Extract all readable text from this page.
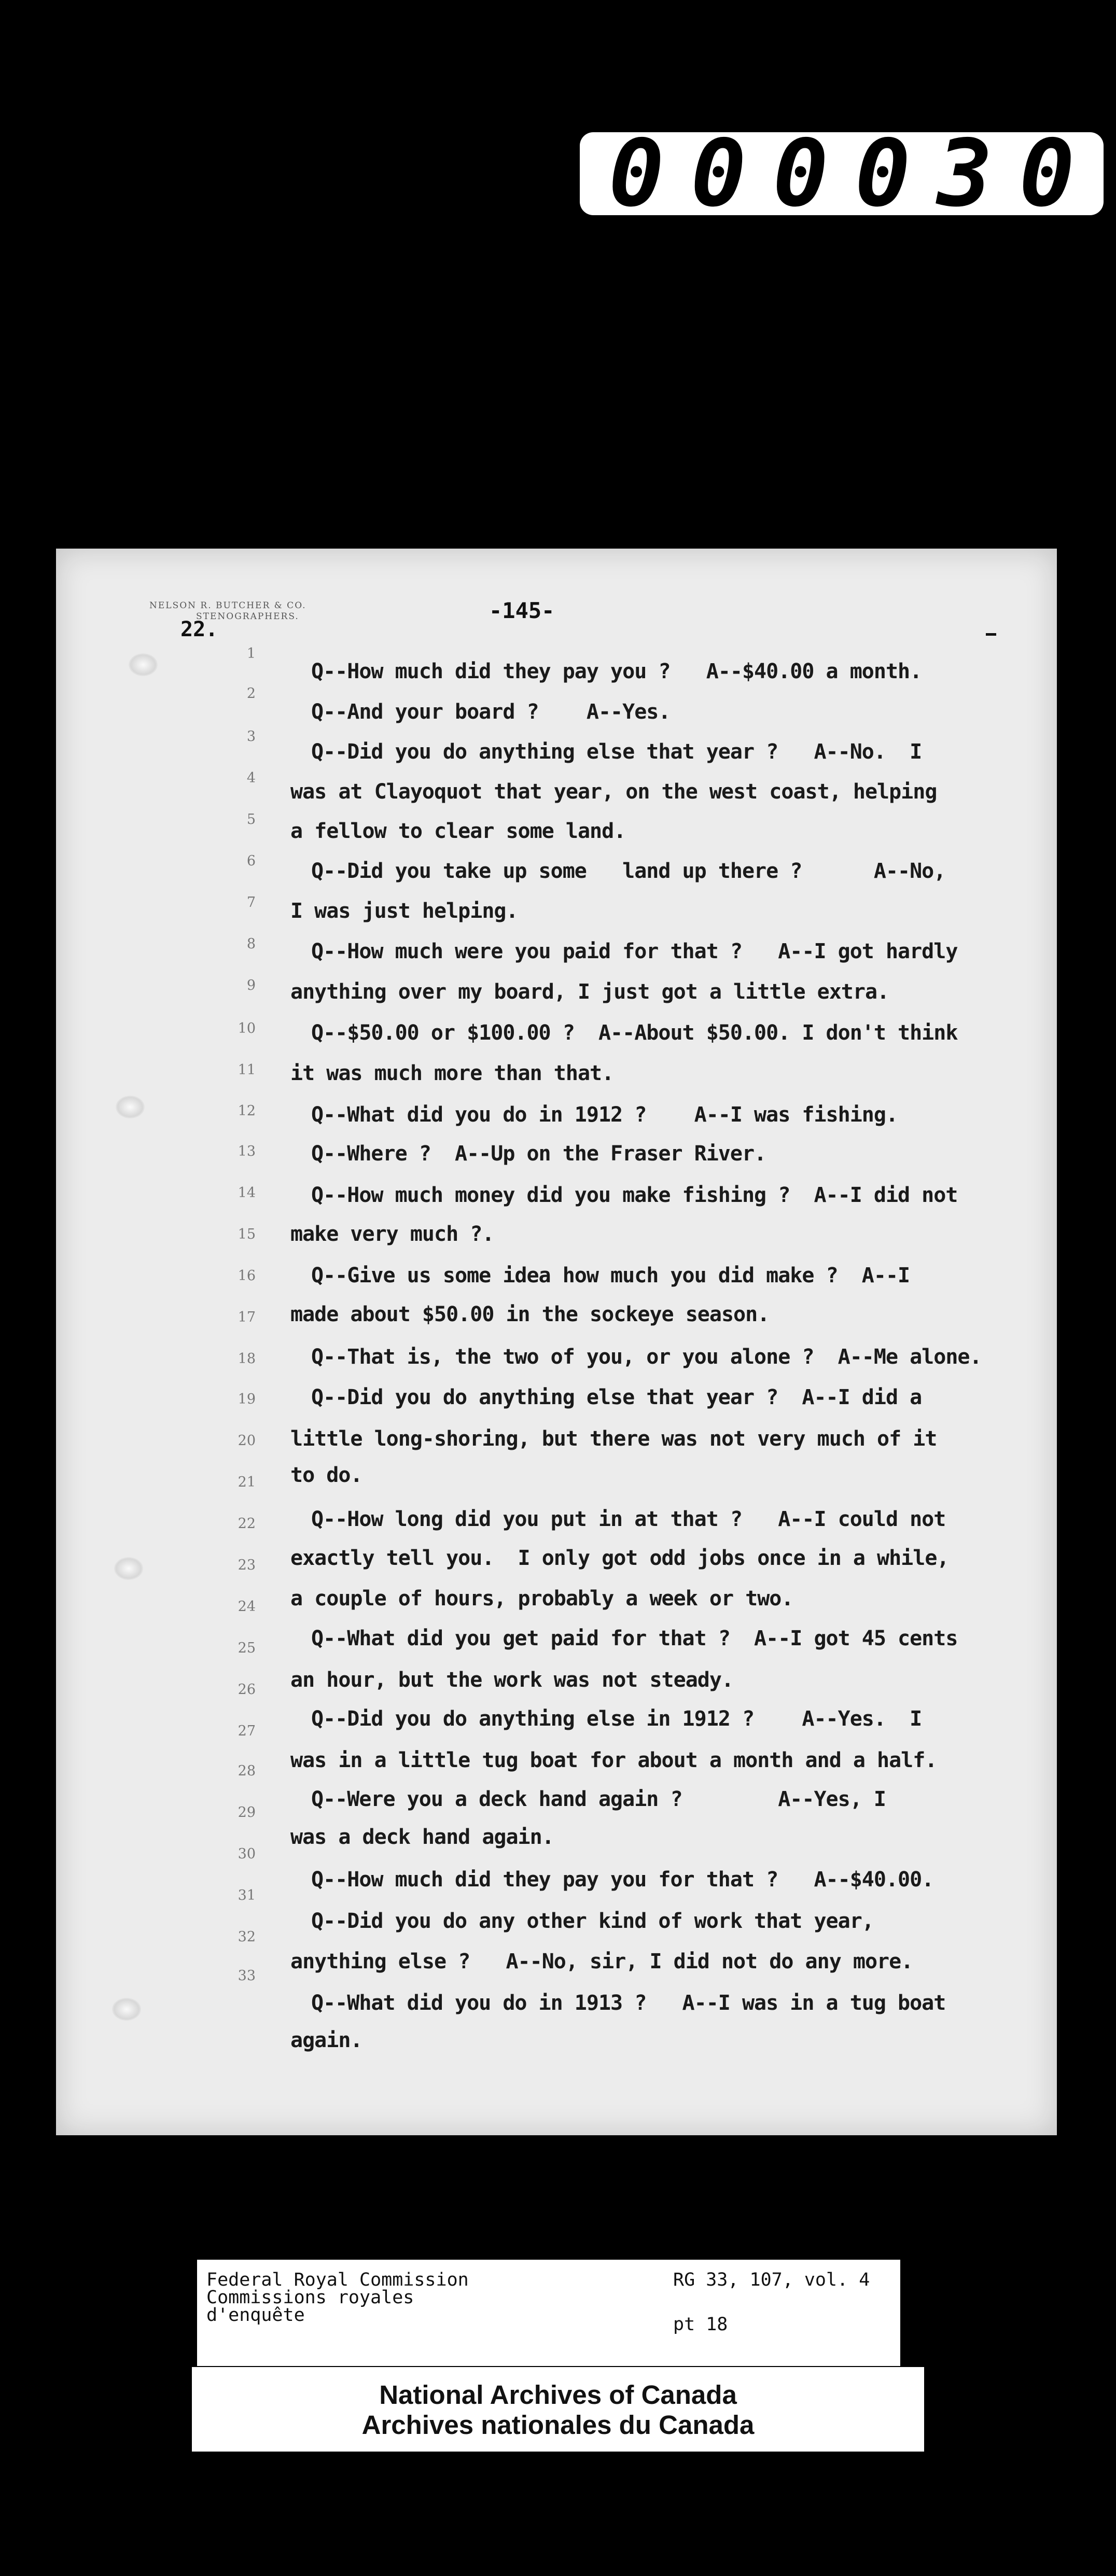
0 0 0 0 3 0
NELSON R. BUTCHER & CO.
STENOGRAPHERS.
22.
-145-
1
2
3
4
5
6
7
8
9
10
11
12
13
14
15
16
17
18
19
20
21
22
23
24
25
26
27
28
29
30
31
32
33
Q--How much did they pay you ?   A--$40.00 a month.
Q--And your board ?    A--Yes.
Q--Did you do anything else that year ?   A--No.  I
was at Clayoquot that year, on the west coast, helping
a fellow to clear some land.
Q--Did you take up some   land up there ?      A--No,
I was just helping.
Q--How much were you paid for that ?   A--I got hardly
anything over my board, I just got a little extra.
Q--$50.00 or $100.00 ?  A--About $50.00. I don't think
it was much more than that.
Q--What did you do in 1912 ?    A--I was fishing.
Q--Where ?  A--Up on the Fraser River.
Q--How much money did you make fishing ?  A--I did not
make very much ?.
Q--Give us some idea how much you did make ?  A--I
made about $50.00 in the sockeye season.
Q--That is, the two of you, or you alone ?  A--Me alone.
Q--Did you do anything else that year ?  A--I did a
little long-shoring, but there was not very much of it
to do.
Q--How long did you put in at that ?   A--I could not
exactly tell you.  I only got odd jobs once in a while,
a couple of hours, probably a week or two.
Q--What did you get paid for that ?  A--I got 45 cents
an hour, but the work was not steady.
Q--Did you do anything else in 1912 ?    A--Yes.  I
was in a little tug boat for about a month and a half.
Q--Were you a deck hand again ?        A--Yes, I
was a deck hand again.
Q--How much did they pay you for that ?   A--$40.00.
Q--Did you do any other kind of work that year,
anything else ?   A--No, sir, I did not do any more.
Q--What did you do in 1913 ?   A--I was in a tug boat
again.
Federal Royal Commission
Commissions royales
d'enquête
RG 33, 107, vol. 4
pt 18
National Archives of Canada
Archives nationales du Canada
